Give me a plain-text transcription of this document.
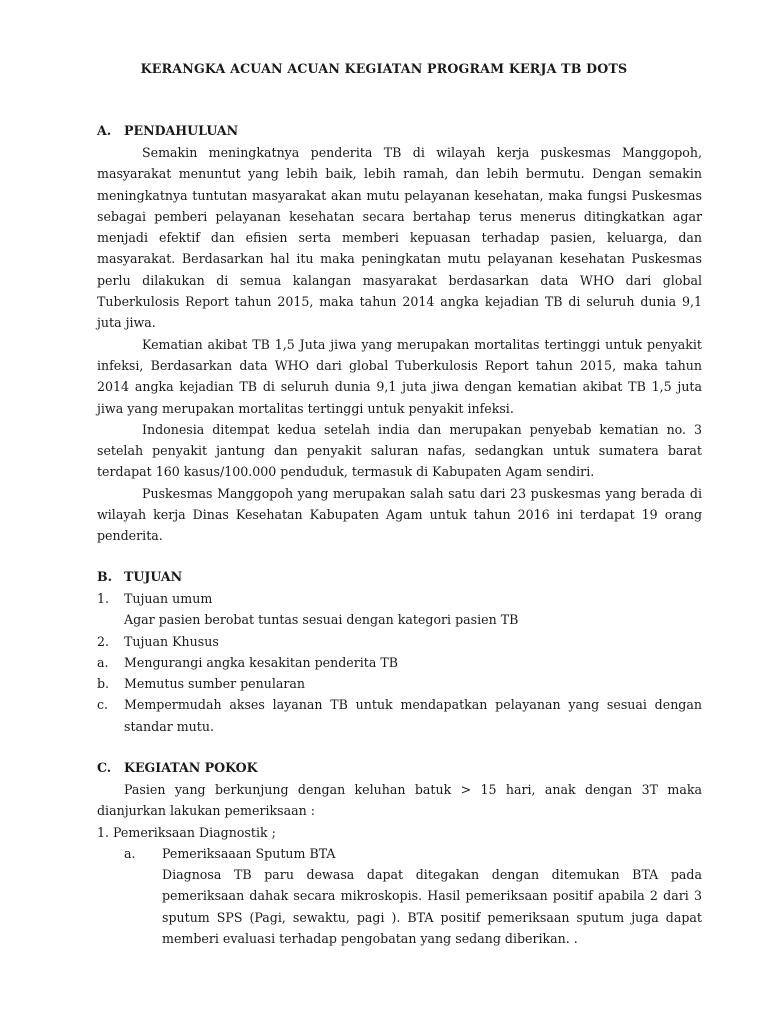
KERANGKA ACUAN ACUAN KEGIATAN PROGRAM KERJA TB DOTS
A.	PENDAHULUAN

Semakin meningkatnya penderita TB di wilayah kerja puskesmas Manggopoh, masyarakat menuntut yang lebih baik, lebih ramah, dan lebih bermutu. Dengan semakin meningkatnya tuntutan masyarakat akan mutu pelayanan kesehatan, maka fungsi Puskesmas sebagai pemberi pelayanan kesehatan secara bertahap terus menerus ditingkatkan agar menjadi efektif dan efisien serta memberi kepuasan terhadap pasien, keluarga, dan masyarakat. Berdasarkan hal itu maka peningkatan mutu pelayanan kesehatan Puskesmas perlu dilakukan di semua kalangan masyarakat berdasarkan data WHO dari global Tuberkulosis Report tahun 2015, maka tahun 2014 angka kejadian TB di seluruh dunia 9,1 juta jiwa.

Kematian akibat TB 1,5 Juta jiwa yang merupakan mortalitas tertinggi untuk penyakit infeksi, Berdasarkan data WHO dari global Tuberkulosis Report tahun 2015, maka tahun 2014 angka kejadian TB di seluruh dunia 9,1 juta jiwa dengan kematian akibat TB 1,5 juta jiwa yang merupakan mortalitas tertinggi untuk penyakit infeksi.

Indonesia ditempat kedua setelah india dan merupakan penyebab kematian no. 3 setelah penyakit jantung dan penyakit saluran nafas, sedangkan untuk sumatera barat terdapat 160 kasus/100.000 penduduk, termasuk di Kabupaten Agam sendiri.

Puskesmas Manggopoh yang merupakan salah satu dari 23 puskesmas yang berada di wilayah kerja Dinas Kesehatan Kabupaten Agam untuk tahun 2016 ini terdapat 19 orang penderita.

B. TUJUAN
1.	Tujuan umum
Agar pasien berobat tuntas sesuai dengan kategori pasien TB
2.	Tujuan Khusus
a.	Mengurangi angka kesakitan penderita TB
b.	Memutus sumber penularan
c.	Mempermudah akses layanan TB untuk mendapatkan pelayanan yang sesuai dengan standar mutu.
C.	KEGIATAN POKOK

Pasien yang berkunjung dengan keluhan batuk > 15 hari, anak dengan 3T maka dianjurkan lakukan pemeriksaan :

1. Pemeriksaan Diagnostik ;
a.	Pemeriksaaan Sputum BTA
Diagnosa TB paru dewasa dapat ditegakan dengan ditemukan BTA pada pemeriksaan dahak secara mikroskopis. Hasil pemeriksaan positif apabila 2 dari 3 sputum SPS (Pagi, sewaktu, pagi ). BTA positif pemeriksaan sputum juga dapat memberi evaluasi terhadap pengobatan yang sedang diberikan. .
